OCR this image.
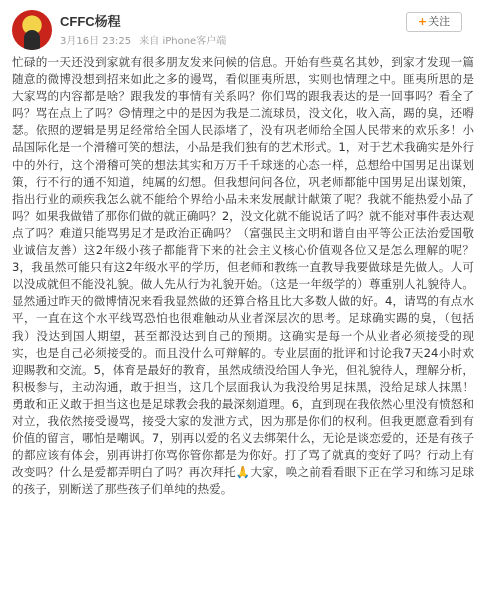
CFFC杨程
3月16日 23:25 来自 iPhone客户端
+关注
忙碌的一天还没到家就有很多朋友发来问候的信息。开始有些莫名其妙，到家才发现一篇随意的微博没想到招来如此之多的谩骂，看似匪夷所思，实则也情理之中。匪夷所思的是大家骂的内容都是啥？跟我发的事情有关系吗？你们骂的跟我表达的是一回事吗？看全了吗？骂在点上了吗？😥情理之中的是因为我是二流球员，没文化，收入高，踢的臭，还嘚瑟。依照的逻辑是男足经常给全国人民添堵了，没有巩老师给全国人民带来的欢乐多！小品国际化是一个滑稽可笑的想法，小品是我们独有的艺术形式。1，对于艺术我确实是外行中的外行，这个滑稽可笑的想法其实和万万千千球迷的心态一样，总想给中国男足出谋划策，行不行的通不知道，纯属的幻想。但我想问问各位，巩老师都能中国男足出谋划策，指出行业的顽疾我怎么就不能给个界给小品未来发展献计献策了呢？我就不能热爱小品了吗？如果我做错了那你们做的就正确吗？2，没文化就不能说话了吗？就不能对事件表达观点了吗？难道只能骂男足才是政治正确吗？（富强民主文明和谐自由平等公正法治爱国敬业诚信友善）这2年级小孩子都能背下来的社会主义核心价值观各位又是怎么理解的呢？3，我虽然可能只有这2年级水平的学历，但老师和教练一直教导我要做球是先做人。人可以没成就但不能没礼貌。做人先从行为礼貌开始。（这是一年级学的）尊重别人礼貌待人。显然通过昨天的微博情况来看我显然做的还算合格且比大多数人做的好。4，请骂的有点水平，一直在这个水平线骂恐怕也很难触动从业者深层次的思考。足球确实踢的臭，（包括我）没达到国人期望，甚至都没达到自己的预期。这确实是每一个从业者必须接受的现实，也是自己必须接受的。而且没什么可辩解的。专业层面的批评和讨论我7天24小时欢迎賜教和交流。5，体育是最好的教育，虽然成绩没给国人争光，但礼貌待人，理解分析，积极参与，主动沟通，敢于担当，这几个层面我认为我没给男足抹黑，没给足球人抹黑！勇敢和正义敢于担当这也是足球教会我的最深刻道理。6，直到现在我依然心里没有愤怒和对立，我依然接受谩骂，接受大家的发泄方式，因为那是你们的权利。但我更愿意看到有价值的留言，哪怕是嘲讽。7，别再以爱的名义去绑架什么，无论是谈恋爱的，还是有孩子的都应该有体会，别再讲打你骂你管你都是为你好。打了骂了就真的变好了吗？行动上有改变吗？什么是爱都弄明白了吗？再次拜托🙏大家，唤之前看看眼下正在学习和练习足球的孩子，别断送了那些孩子们单纯的热爱。
